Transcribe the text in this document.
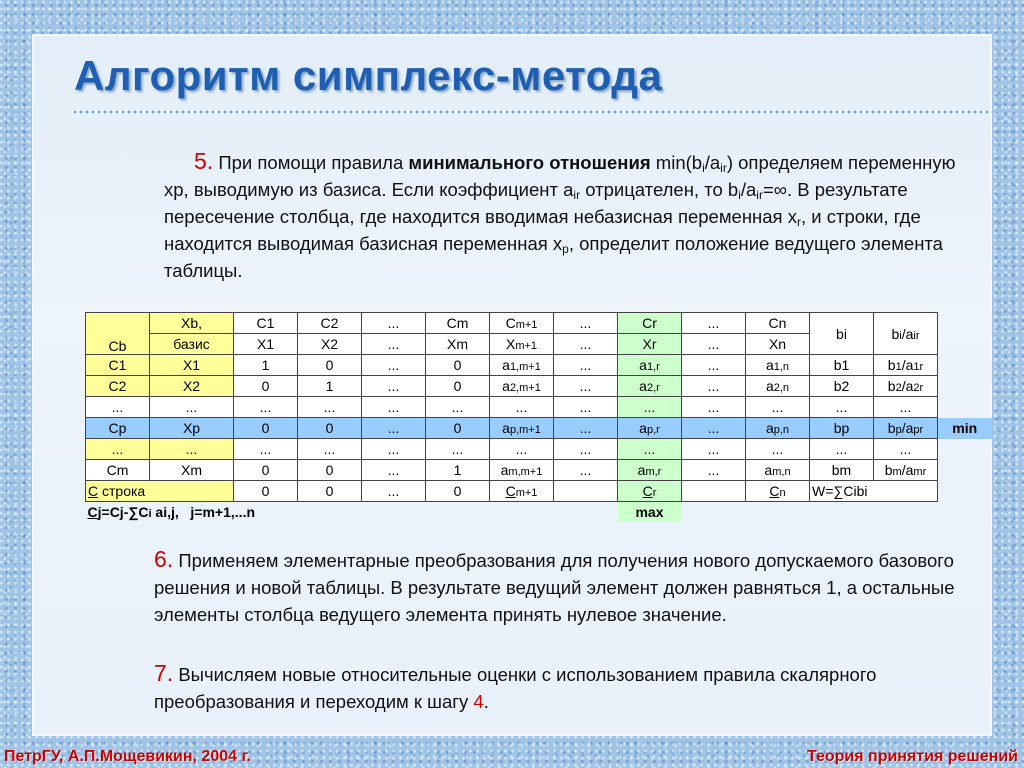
Алгоритм симплекс-метода

5. При помощи правила минимального отношения $\min(b_i/a_{ir})$ определяем переменную xp, выводимую из базиса. Если коэффициент $a_{ir}$ отрицателен, то $b_i/a_{ir}=\infty$. В результате пересечение столбца, где находится вводимая небазисная переменная $x_r$, и строки, где находится выводимая базисная переменная $x_p$, определит положение ведущего элемента таблицы.

Cb	Xb,	C1	C2	...	Cm	Cm+1	...	Cr	...	Cn	bi	bi/air	
	базис	X1	X2	...	Xm	Xm+1	...	Xr	...	Xn			
C1	X1	1	0	...	0	a1,m+1	...	a1,r	...	a1,n	b1	b1/a1r	
C2	X2	0	1	...	0	a2,m+1	...	a2,r	...	a2,n	b2	b2/a2r	
...	...	...	...	...	...	...	...	...	...	...	...	...	
Cp	Xp	0	0	...	0	ap,m+1	...	ap,r	...	ap,n	bp	bp/apr	min
...	...	...	...	...	...	...	...	...	...	...	...	...	
Cm	Xm	0	0	...	1	am,m+1	...	am,r	...	am,n	bm	bm/amr	
C строка		0	0	...	0	Cm+1		Cr		Cn	W=∑Cibi		
Cj=Cj-∑Ci ai,j,   j=m+1,...n								max					

6. Применяем элементарные преобразования для получения нового допускаемого базового решения и новой таблицы. В результате ведущий элемент должен равняться 1, а остальные элементы столбца ведущего элемента принять нулевое значение.

7. Вычисляем новые относительные оценки с использованием правила скалярного преобразования и переходим к шагу 4.

ПетрГУ, А.П.Мощевикин, 2004 г.	Теория принятия решений
